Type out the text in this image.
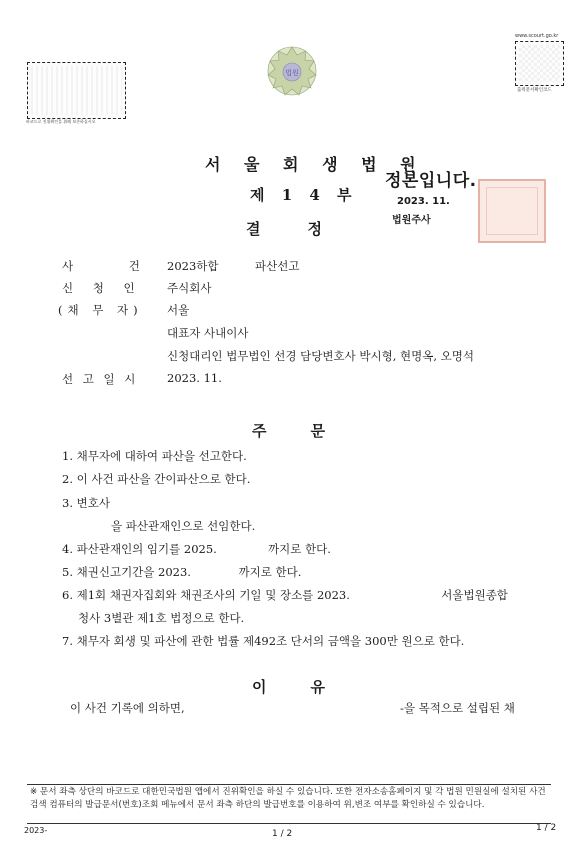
바코드로 진위확인을 위해 보존하십시오
법원
www.scourt.go.kr
출력문서확인코드
서 울 회 생 법 원
제 1 4 부
결	정
정본입니다.
2023. 11.
법원주사
사 건 2023하합          파산선고
신 청 인 주식회사
(채 무 자) 서울
대표자 사내이사
신청대리인 법무법인 선경 담당변호사 박시형, 현명옥, 오명석
선 고 일 시 2023. 11.
주	문
1. 채무자에 대하여 파산을 선고한다.
2. 이 사건 파산을 간이파산으로 한다.
3. 변호사
을 파산관재인으로 선임한다.
4. 파산관재인의 임기를 2025.              까지로 한다.
5. 채권신고기간을 2023.             까지로 한다.
6. 제1회 채권자집회와 채권조사의 기일 및 장소를 2023.                         서울법원종합
청사 3별관 제1호 법정으로 한다.
7. 채무자 회생 및 파산에 관한 법률 제492조 단서의 금액을 300만 원으로 한다.
이	유
이 사건 기록에 의하면,	-을 목적으로 설립된 채
※ 문서 좌측 상단의 바코드로 대한민국법원 앱에서 진위확인을 하실 수 있습니다. 또한 전자소송홈페이지 및 각 법원 민원실에 설치된 사건검색 컴퓨터의 발급문서(번호)조회 메뉴에서 문서 좌측 하단의 발급번호를 이용하여 위,변조 여부를 확인하실 수 있습니다.
2023-	1 / 2
1 / 2
